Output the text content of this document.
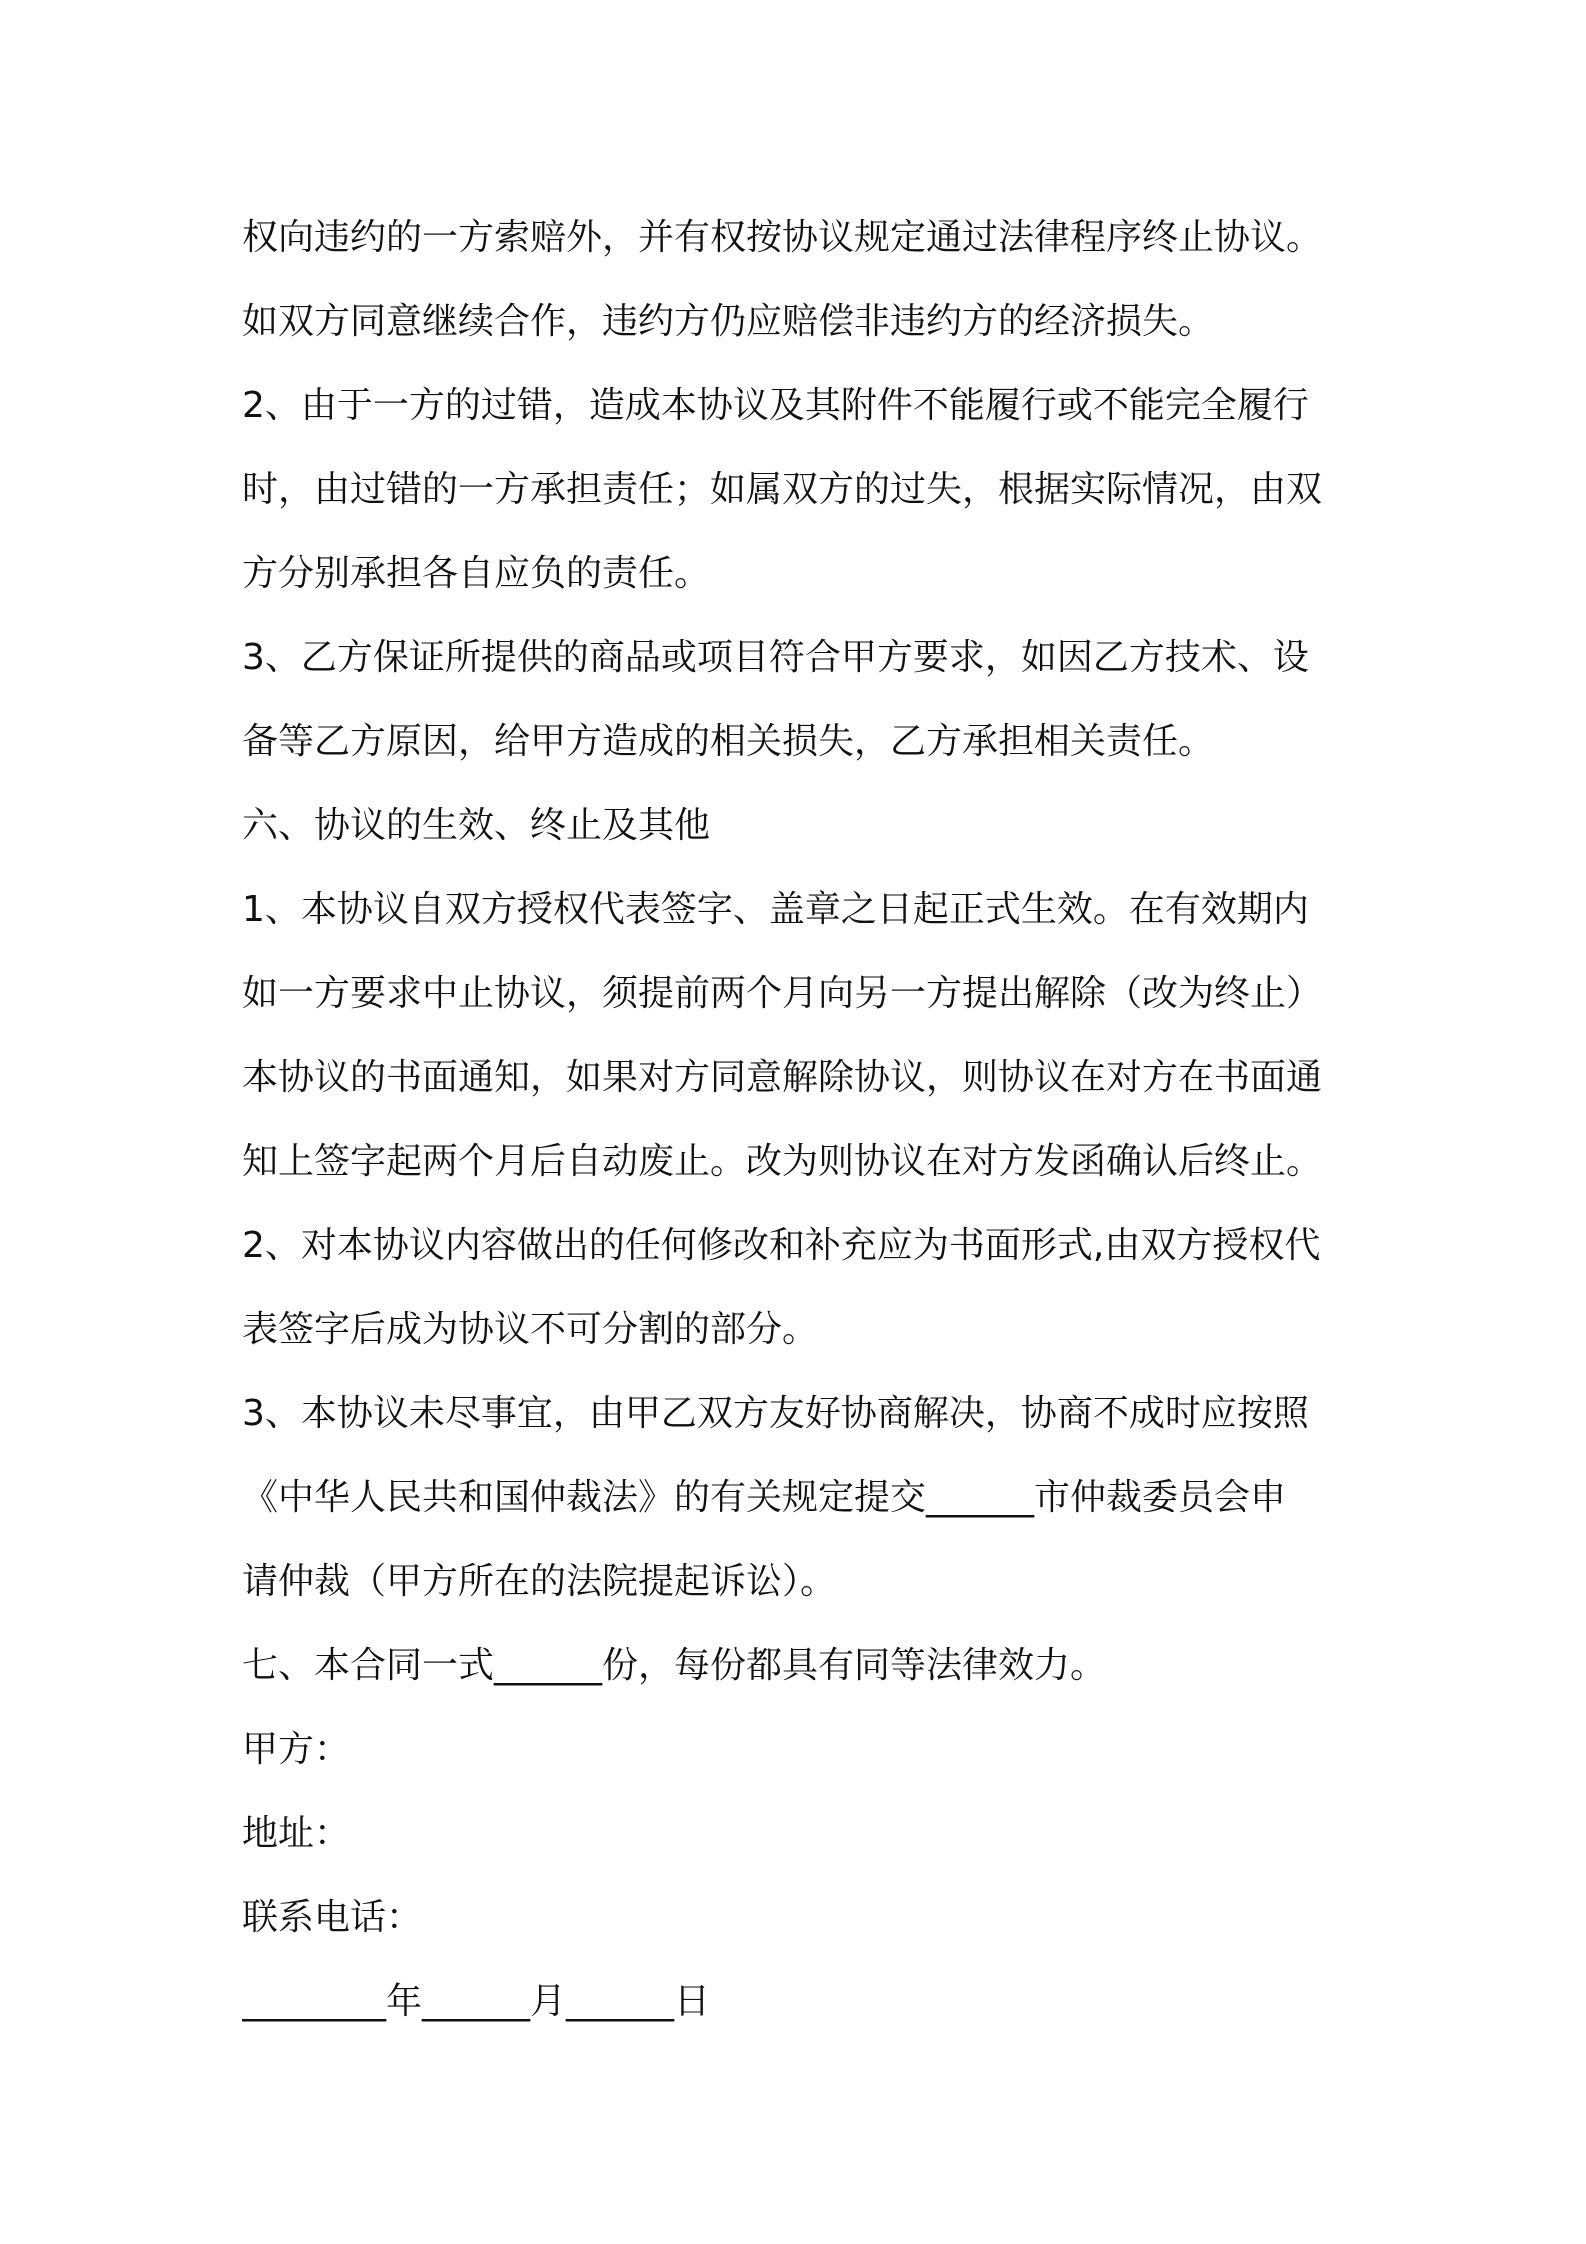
权向违约的一方索赔外，并有权按协议规定通过法律程序终止协议。
如双方同意继续合作，违约方仍应赔偿非违约方的经济损失。
2、由于一方的过错，造成本协议及其附件不能履行或不能完全履行
时，由过错的一方承担责任；如属双方的过失，根据实际情况，由双
方分别承担各自应负的责任。
3、乙方保证所提供的商品或项目符合甲方要求，如因乙方技术、设
备等乙方原因，给甲方造成的相关损失，乙方承担相关责任。
六、协议的生效、终止及其他
1、本协议自双方授权代表签字、盖章之日起正式生效。在有效期内
如一方要求中止协议，须提前两个月向另一方提出解除（改为终止）
本协议的书面通知，如果对方同意解除协议，则协议在对方在书面通
知上签字起两个月后自动废止。改为则协议在对方发函确认后终止。
2、对本协议内容做出的任何修改和补充应为书面形式,由双方授权代
表签字后成为协议不可分割的部分。
3、本协议未尽事宜，由甲乙双方友好协商解决，协商不成时应按照
《中华人民共和国仲裁法》的有关规定提交______市仲裁委员会申
请仲裁（甲方所在的法院提起诉讼）。
七、本合同一式______份，每份都具有同等法律效力。
甲方：
地址：
联系电话：
________年______月______日
